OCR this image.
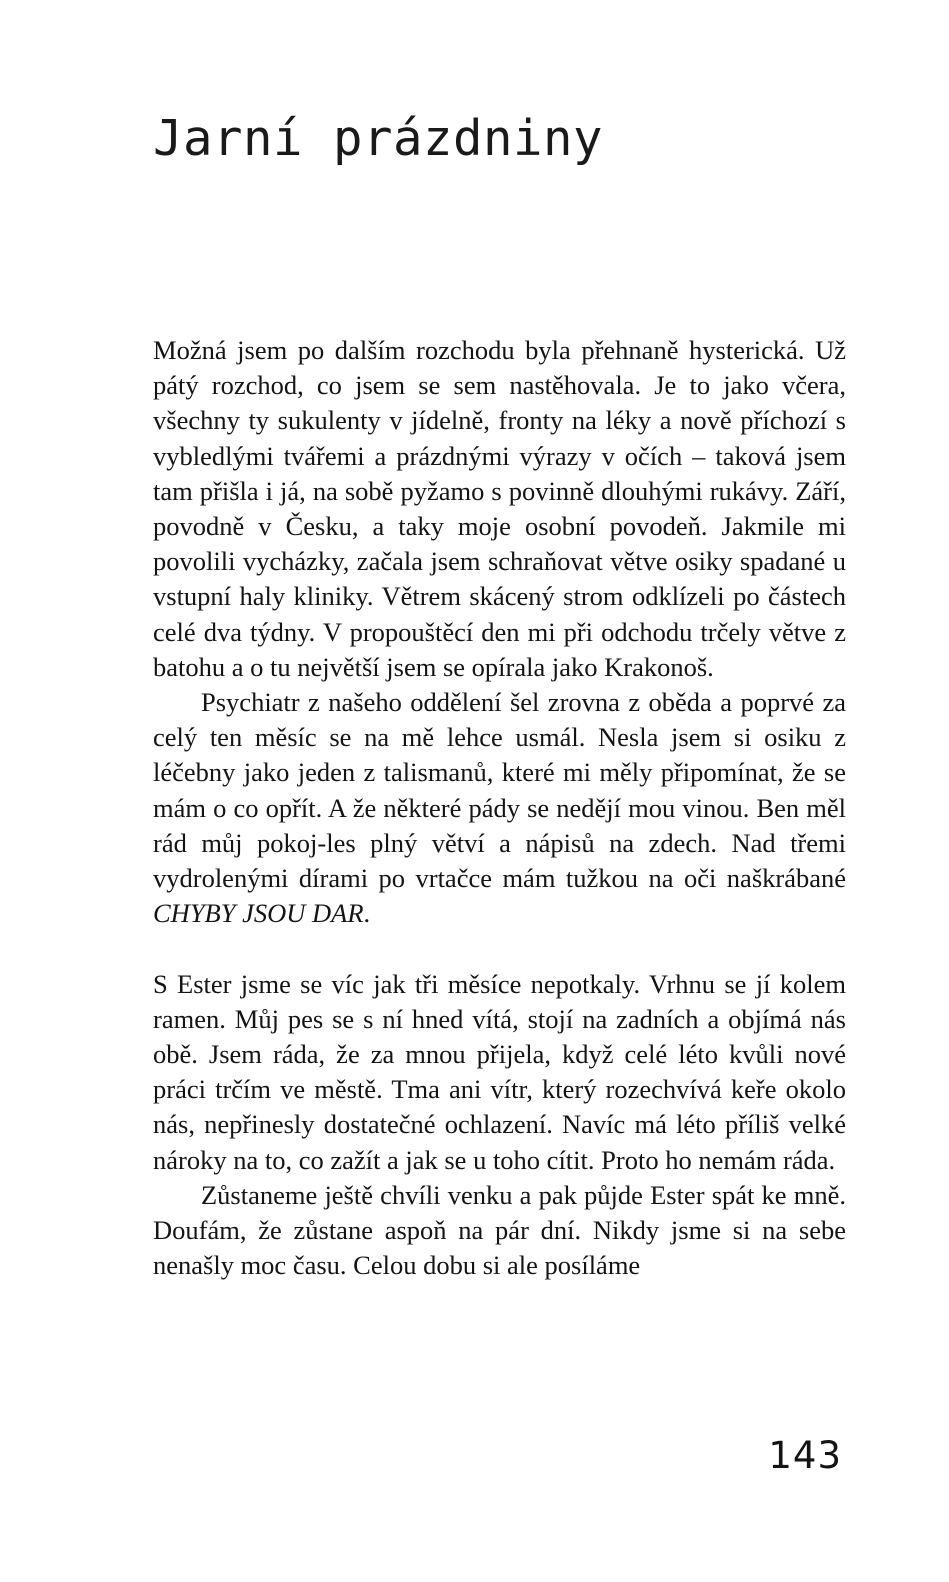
Jarní prázdniny

Možná jsem po dalším rozchodu byla přehnaně hysterická. Už pátý rozchod, co jsem se sem nastěhovala. Je to jako včera, všechny ty sukulenty v jídelně, fronty na léky a nově příchozí s vybledlými tvářemi a prázdnými výrazy v očích – taková jsem tam přišla i já, na sobě pyžamo s povinně dlouhými rukávy. Září, povodně v Česku, a taky moje osobní povodeň. Jakmile mi povolili vycházky, začala jsem schraňovat větve osiky spadané u vstupní haly kliniky. Větrem skácený strom odklízeli po částech celé dva týdny. V propouštěcí den mi při odchodu trčely větve z batohu a o tu největší jsem se opírala jako Krakonoš.

Psychiatr z našeho oddělení šel zrovna z oběda a poprvé za celý ten měsíc se na mě lehce usmál. Nesla jsem si osiku z léčebny jako jeden z talismanů, které mi měly připomínat, že se mám o co opřít. A že některé pády se nedějí mou vinou. Ben měl rád můj pokoj-les plný větví a nápisů na zdech. Nad třemi vydrolenými dírami po vrtačce mám tužkou na oči naškrábané CHYBY JSOU DAR.

S Ester jsme se víc jak tři měsíce nepotkaly. Vrhnu se jí kolem ramen. Můj pes se s ní hned vítá, stojí na zadních a objímá nás obě. Jsem ráda, že za mnou přijela, když celé léto kvůli nové práci trčím ve městě. Tma ani vítr, který rozechvívá keře okolo nás, nepřinesly dostatečné ochlazení. Navíc má léto příliš velké nároky na to, co zažít a jak se u toho cítit. Proto ho nemám ráda.

Zůstaneme ještě chvíli venku a pak půjde Ester spát ke mně. Doufám, že zůstane aspoň na pár dní. Nikdy jsme si na sebe nenašly moc času. Celou dobu si ale posíláme

143
